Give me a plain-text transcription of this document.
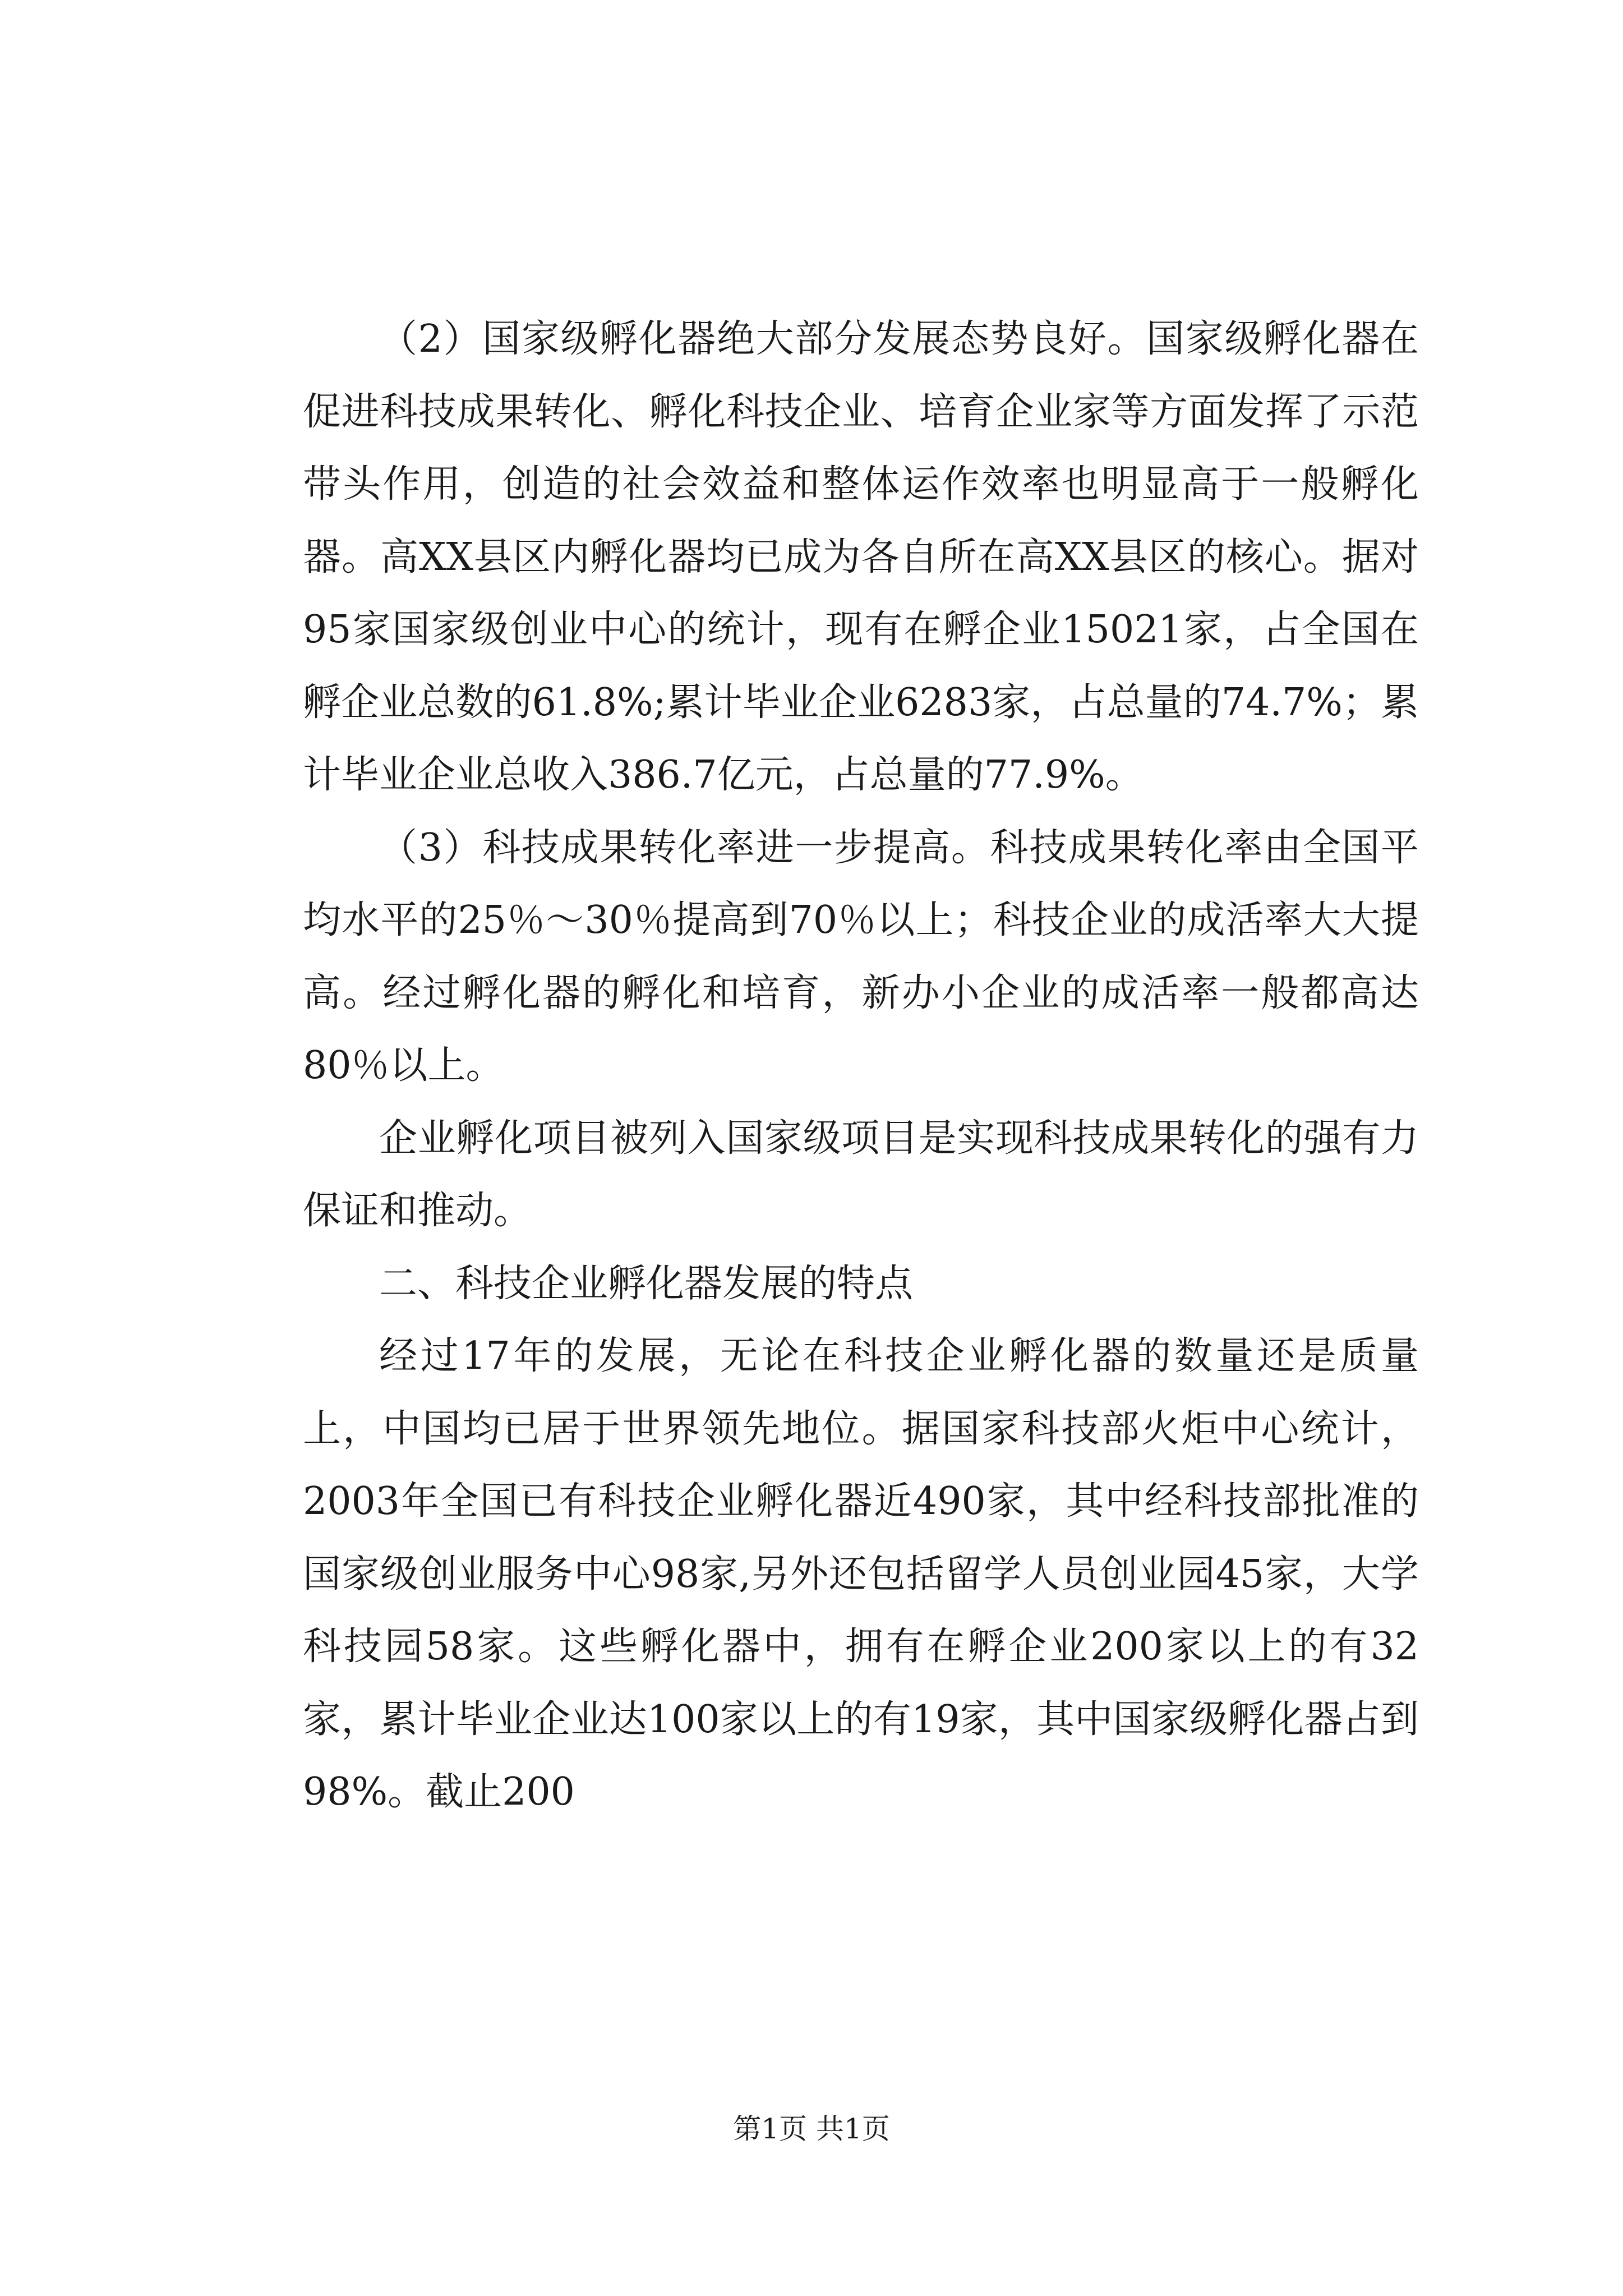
（2）国家级孵化器绝大部分发展态势良好。国家级孵化器在促进科技成果转化、孵化科技企业、培育企业家等方面发挥了示范带头作用，创造的社会效益和整体运作效率也明显高于一般孵化器。高XX县区内孵化器均已成为各自所在高XX县区的核心。据对95家国家级创业中心的统计，现有在孵企业15021家，占全国在孵企业总数的61.8%;累计毕业企业6283家，占总量的74.7%；累计毕业企业总收入386.7亿元，占总量的77.9%。

（3）科技成果转化率进一步提高。科技成果转化率由全国平均水平的25％～30％提高到70％以上；科技企业的成活率大大提高。经过孵化器的孵化和培育，新办小企业的成活率一般都高达80％以上。

企业孵化项目被列入国家级项目是实现科技成果转化的强有力保证和推动。

二、科技企业孵化器发展的特点

经过17年的发展，无论在科技企业孵化器的数量还是质量上，中国均已居于世界领先地位。据国家科技部火炬中心统计，2003年全国已有科技企业孵化器近490家，其中经科技部批准的国家级创业服务中心98家,另外还包括留学人员创业园45家，大学科技园58家。这些孵化器中，拥有在孵企业200家以上的有32家，累计毕业企业达100家以上的有19家，其中国家级孵化器占到98%。截止200

第1页 共1页
